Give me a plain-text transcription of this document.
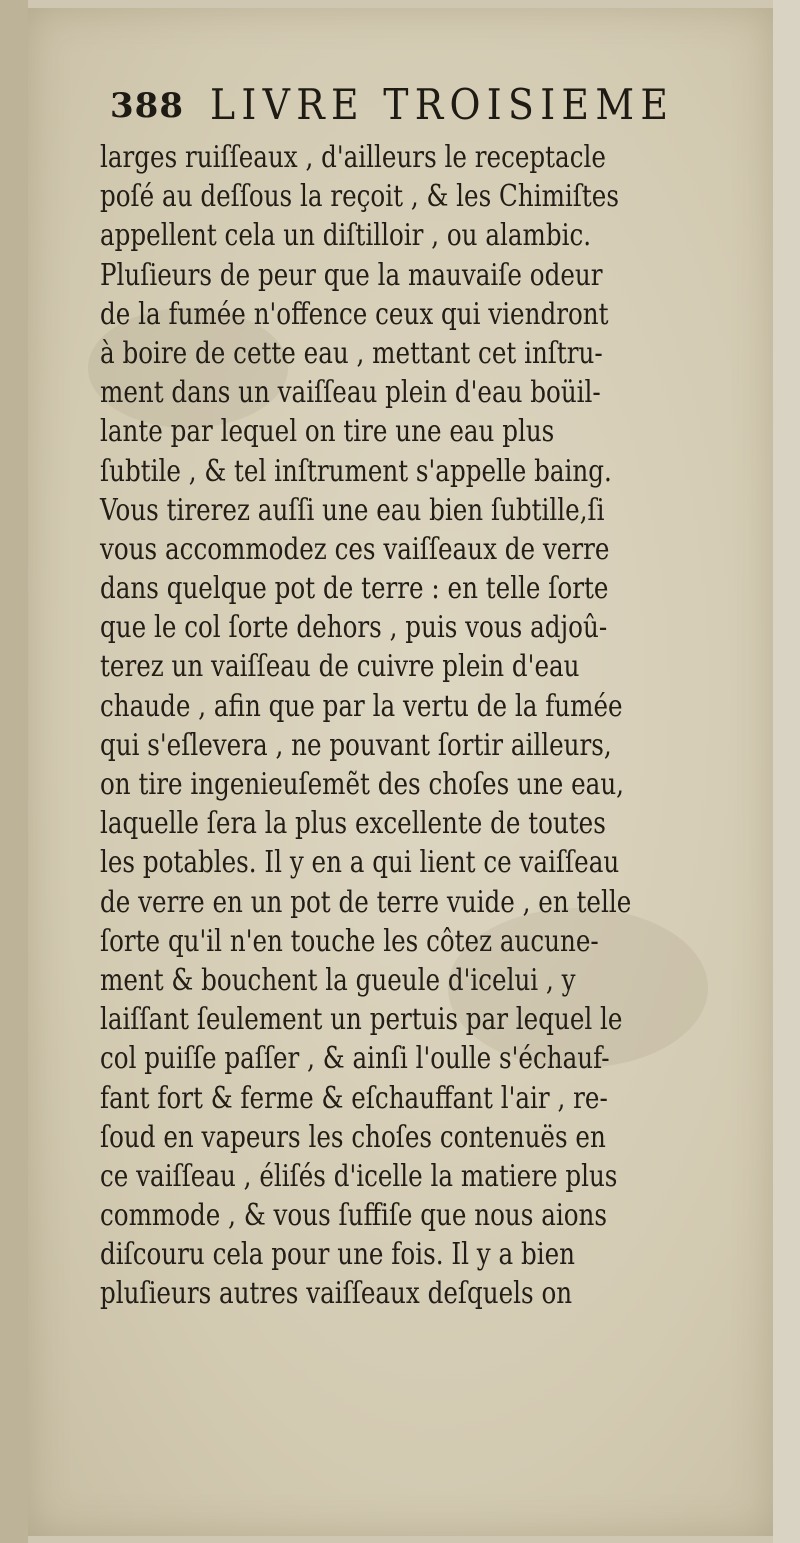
388 LIVRE TROISIEME
larges ruiſſeaux , d'ailleurs le receptacle
poſé au deſſous la reçoit , & les Chimiſtes
appellent cela un diſtilloir , ou alambic.
Pluſieurs de peur que la mauvaiſe odeur
de la fumée n'offence ceux qui viendront
à boire de cette eau , mettant cet inſtru-
ment dans un vaiſſeau plein d'eau boüil-
lante par lequel on tire une eau plus
ſubtile , & tel inſtrument s'appelle baing.
Vous tirerez auſſi une eau bien ſubtille,ſi
vous accommodez ces vaiſſeaux de verre
dans quelque pot de terre : en telle ſorte
que le col ſorte dehors , puis vous adjoû-
terez un vaiſſeau de cuivre plein d'eau
chaude , afin que par la vertu de la fumée
qui s'eſlevera , ne pouvant ſortir ailleurs,
on tire ingenieuſemẽt des choſes une eau,
laquelle ſera la plus excellente de toutes
les potables. Il y en a qui lient ce vaiſſeau
de verre en un pot de terre vuide , en telle
ſorte qu'il n'en touche les côtez aucune-
ment & bouchent la gueule d'icelui , y
laiſſant ſeulement un pertuis par lequel le
col puiſſe paſſer , & ainſi l'oulle s'échauf-
fant fort & ferme & eſchauffant l'air , re-
ſoud en vapeurs les choſes contenuës en
ce vaiſſeau , éliſés d'icelle la matiere plus
commode , & vous ſuffiſe que nous aions
diſcouru cela pour une fois. Il y a bien
pluſieurs autres vaiſſeaux deſquels on
